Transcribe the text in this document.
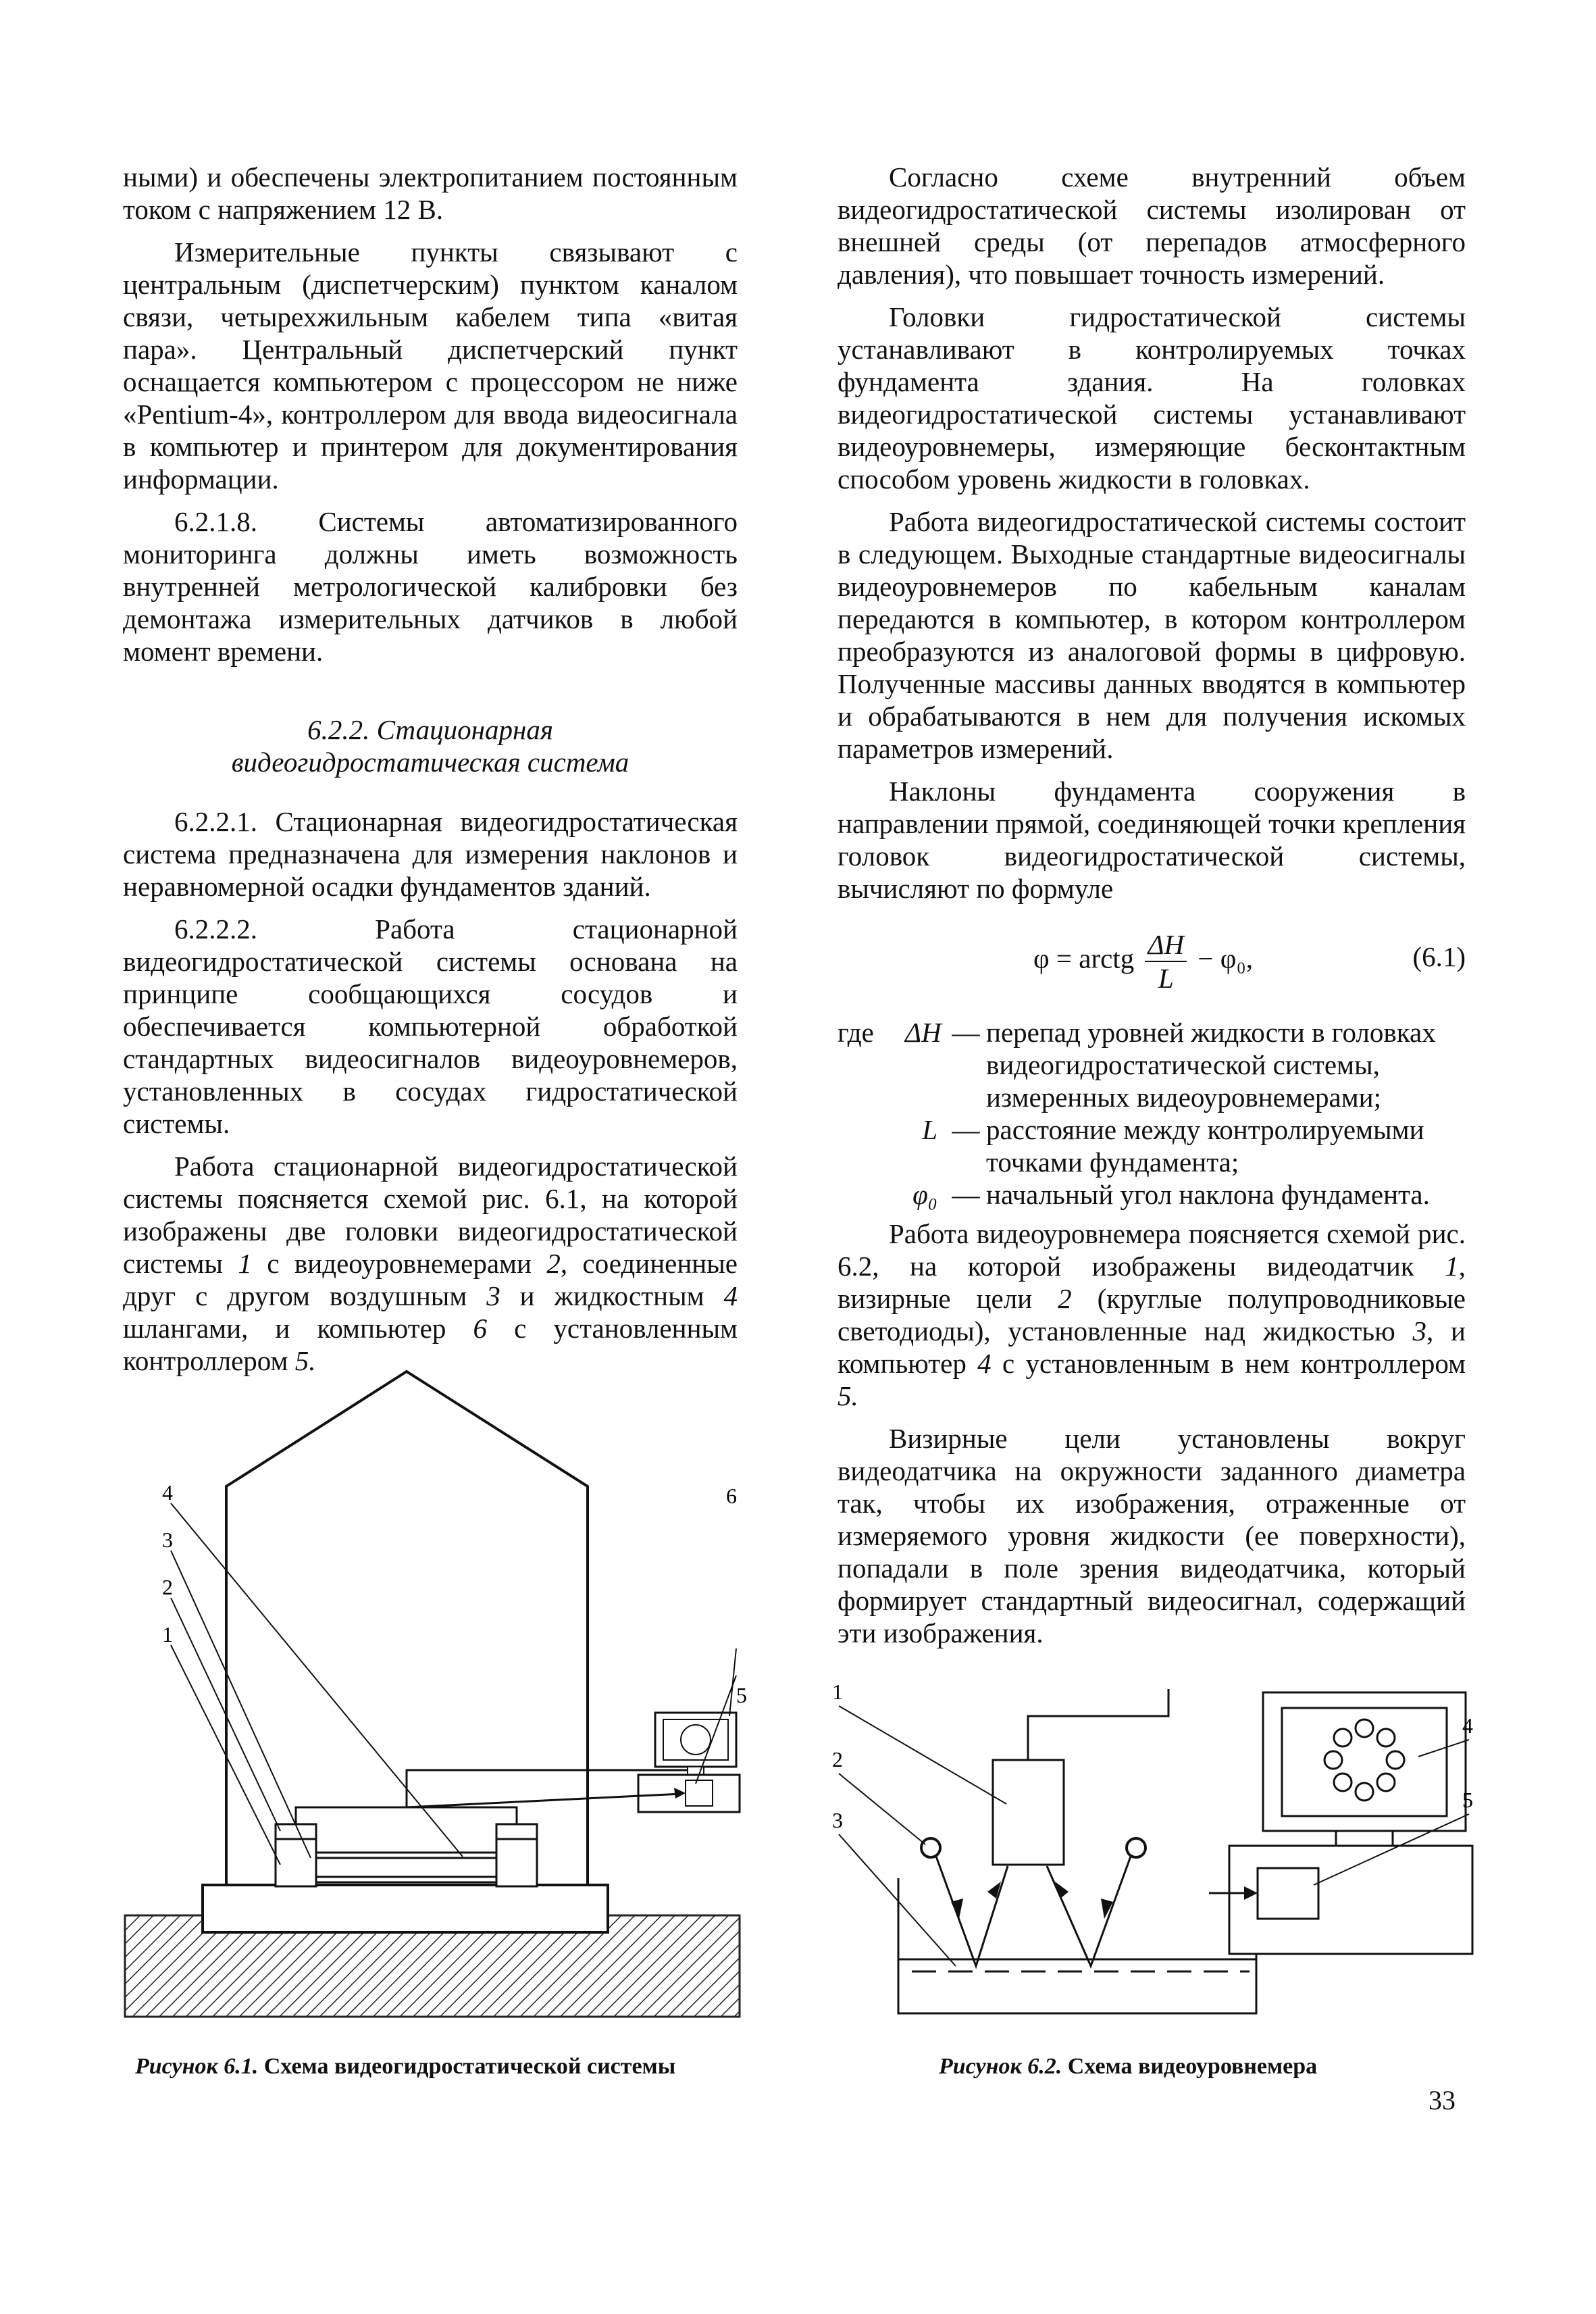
ными) и обеспечены электропитанием постоянным током с напряжением 12 В.

Измерительные пункты связывают с центральным (диспетчерским) пунктом каналом связи, четырехжильным кабелем типа «витая пара». Центральный диспетчерский пункт оснащается компьютером с процессором не ниже «Pentium-4», контроллером для ввода видеосигнала в компьютер и принтером для документирования информации.

6.2.1.8. Системы автоматизированного мониторинга должны иметь возможность внутренней метрологической калибровки без демонтажа измерительных датчиков в любой момент времени.

6.2.2. Стационарная
видеогидростатическая система

6.2.2.1. Стационарная видеогидростатическая система предназначена для измерения наклонов и неравномерной осадки фундаментов зданий.

6.2.2.2. Работа стационарной видеогидростатической системы основана на принципе сообщающихся сосудов и обеспечивается компьютерной обработкой стандартных видеосигналов видеоуровнемеров, установленных в сосудах гидростатической системы.

Работа стационарной видеогидростатической системы поясняется схемой рис. 6.1, на которой изображены две головки видеогидростатической системы 1 с видеоуровнемерами 2, соединенные друг с другом воздушным 3 и жидкостным 4 шлангами, и компьютер 6 с установленным контроллером 5.

Согласно схеме внутренний объем видеогидростатической системы изолирован от внешней среды (от перепадов атмосферного давления), что повышает точность измерений.

Головки гидростатической системы устанавливают в контролируемых точках фундамента здания. На головках видеогидростатической системы устанавливают видеоуровнемеры, измеряющие бесконтактным способом уровень жидкости в головках.

Работа видеогидростатической системы состоит в следующем. Выходные стандартные видеосигналы видеоуровнемеров по кабельным каналам передаются в компьютер, в котором контроллером преобразуются из аналоговой формы в цифровую. Полученные массивы данных вводятся в компьютер и обрабатываются в нем для получения искомых параметров измерений.

Наклоны фундамента сооружения в направлении прямой, соединяющей точки крепления головок видеогидростатической системы, вычисляют по формуле

φ = arctg $\frac{\Delta H}{L} - \varphi_0$,	(6.1)
где	ΔH — перепад уровней жидкости в головках видеогидростатической системы, измеренных видеоуровнемерами;
L — расстояние между контролируемыми точками фундамента;
φ₀ — начальный угол наклона фундамента.

Работа видеоуровнемера поясняется схемой рис. 6.2, на которой изображены видеодатчик 1, визирные цели 2 (круглые полупроводниковые светодиоды), установленные над жидкостью 3, и компьютер 4 с установленным в нем контроллером 5.

Визирные цели установлены вокруг видеодатчика на окружности заданного диаметра так, чтобы их изображения, отраженные от измеряемого уровня жидкости (ее поверхности), попадали в поле зрения видеодатчика, который формирует стандартный видеосигнал, содержащий эти изображения.

4
3
2
1
6
5	1
2
3
4
5
Рисунок 6.1. Схема видеогидростатической системы	Рисунок 6.2. Схема видеоуровнемера
33
